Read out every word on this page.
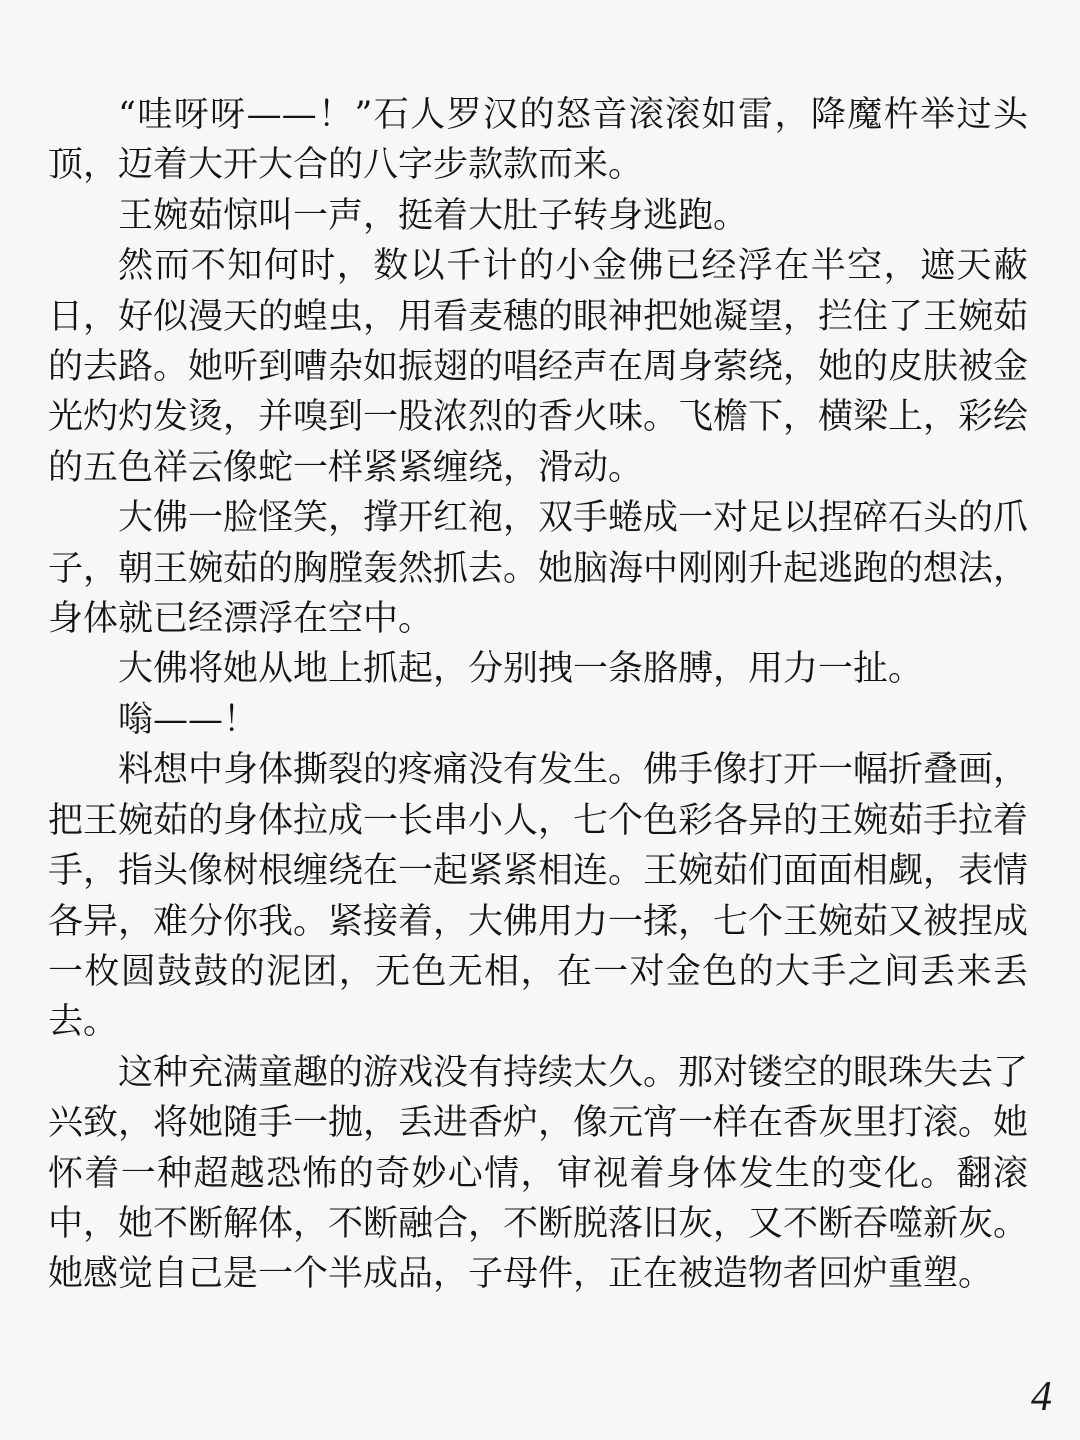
“哇呀呀——！”石人罗汉的怒音滚滚如雷，降魔杵举过头顶，迈着大开大合的八字步款款而来。

王婉茹惊叫一声，挺着大肚子转身逃跑。

然而不知何时，数以千计的小金佛已经浮在半空，遮天蔽日，好似漫天的蝗虫，用看麦穗的眼神把她凝望，拦住了王婉茹的去路。她听到嘈杂如振翅的唱经声在周身萦绕，她的皮肤被金光灼灼发烫，并嗅到一股浓烈的香火味。飞檐下，横梁上，彩绘的五色祥云像蛇一样紧紧缠绕，滑动。

大佛一脸怪笑，撑开红袍，双手蜷成一对足以捏碎石头的爪子，朝王婉茹的胸膛轰然抓去。她脑海中刚刚升起逃跑的想法，身体就已经漂浮在空中。

大佛将她从地上抓起，分别拽一条胳膊，用力一扯。

嗡——！

料想中身体撕裂的疼痛没有发生。佛手像打开一幅折叠画，把王婉茹的身体拉成一长串小人，七个色彩各异的王婉茹手拉着手，指头像树根缠绕在一起紧紧相连。王婉茹们面面相觑，表情各异，难分你我。紧接着，大佛用力一揉，七个王婉茹又被捏成一枚圆鼓鼓的泥团，无色无相，在一对金色的大手之间丢来丢去。

这种充满童趣的游戏没有持续太久。那对镂空的眼珠失去了兴致，将她随手一抛，丢进香炉，像元宵一样在香灰里打滚。她怀着一种超越恐怖的奇妙心情，审视着身体发生的变化。翻滚中，她不断解体，不断融合，不断脱落旧灰，又不断吞噬新灰。她感觉自己是一个半成品，子母件，正在被造物者回炉重塑。

4
